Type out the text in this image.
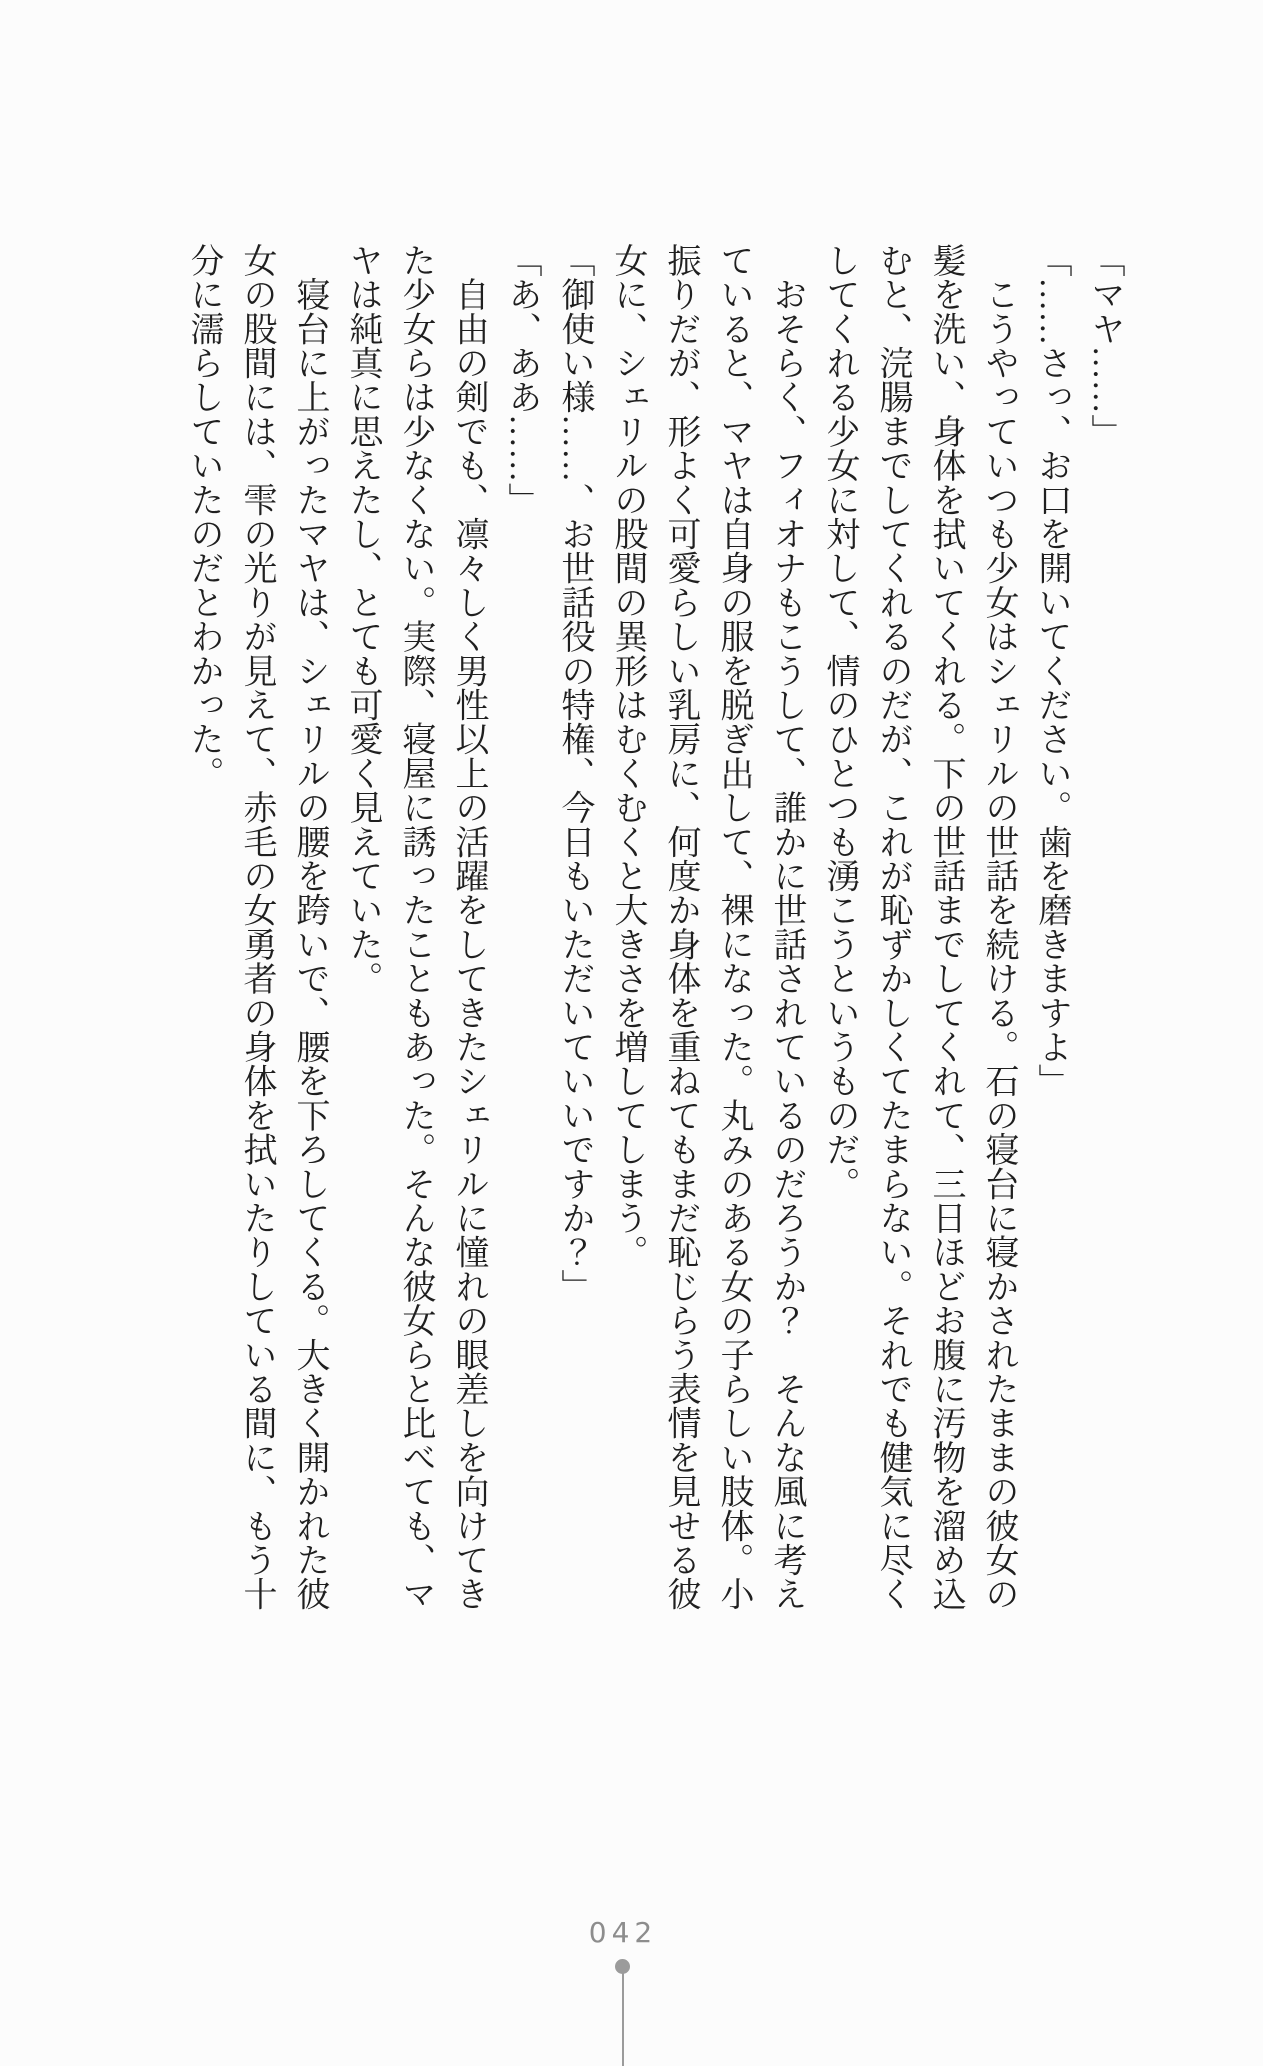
「マヤ……」
「……さっ、お口を開いてください。歯を磨きますよ」
　こうやっていつも少女はシェリルの世話を続ける。石の寝台に寝かされたままの彼女の
髪を洗い、身体を拭いてくれる。下の世話までしてくれて、三日ほどお腹に汚物を溜め込
むと、浣腸までしてくれるのだが、これが恥ずかしくてたまらない。それでも健気に尽く
してくれる少女に対して、情のひとつも湧こうというものだ。
　おそらく、フィオナもこうして、誰かに世話されているのだろうか？　そんな風に考え
ていると、マヤは自身の服を脱ぎ出して、裸になった。丸みのある女の子らしい肢体。小
振りだが、形よく可愛らしい乳房に、何度か身体を重ねてもまだ恥じらう表情を見せる彼
女に、シェリルの股間の異形はむくむくと大きさを増してしまう。
「御使い様……、お世話役の特権、今日もいただいていいですか？」
「あ、ああ……」
　自由の剣でも、凛々しく男性以上の活躍をしてきたシェリルに憧れの眼差しを向けてき
た少女らは少なくない。実際、寝屋に誘ったこともあった。そんな彼女らと比べても、マ
ヤは純真に思えたし、とても可愛く見えていた。
　寝台に上がったマヤは、シェリルの腰を跨いで、腰を下ろしてくる。大きく開かれた彼
女の股間には、雫の光りが見えて、赤毛の女勇者の身体を拭いたりしている間に、もう十
分に濡らしていたのだとわかった。
042
